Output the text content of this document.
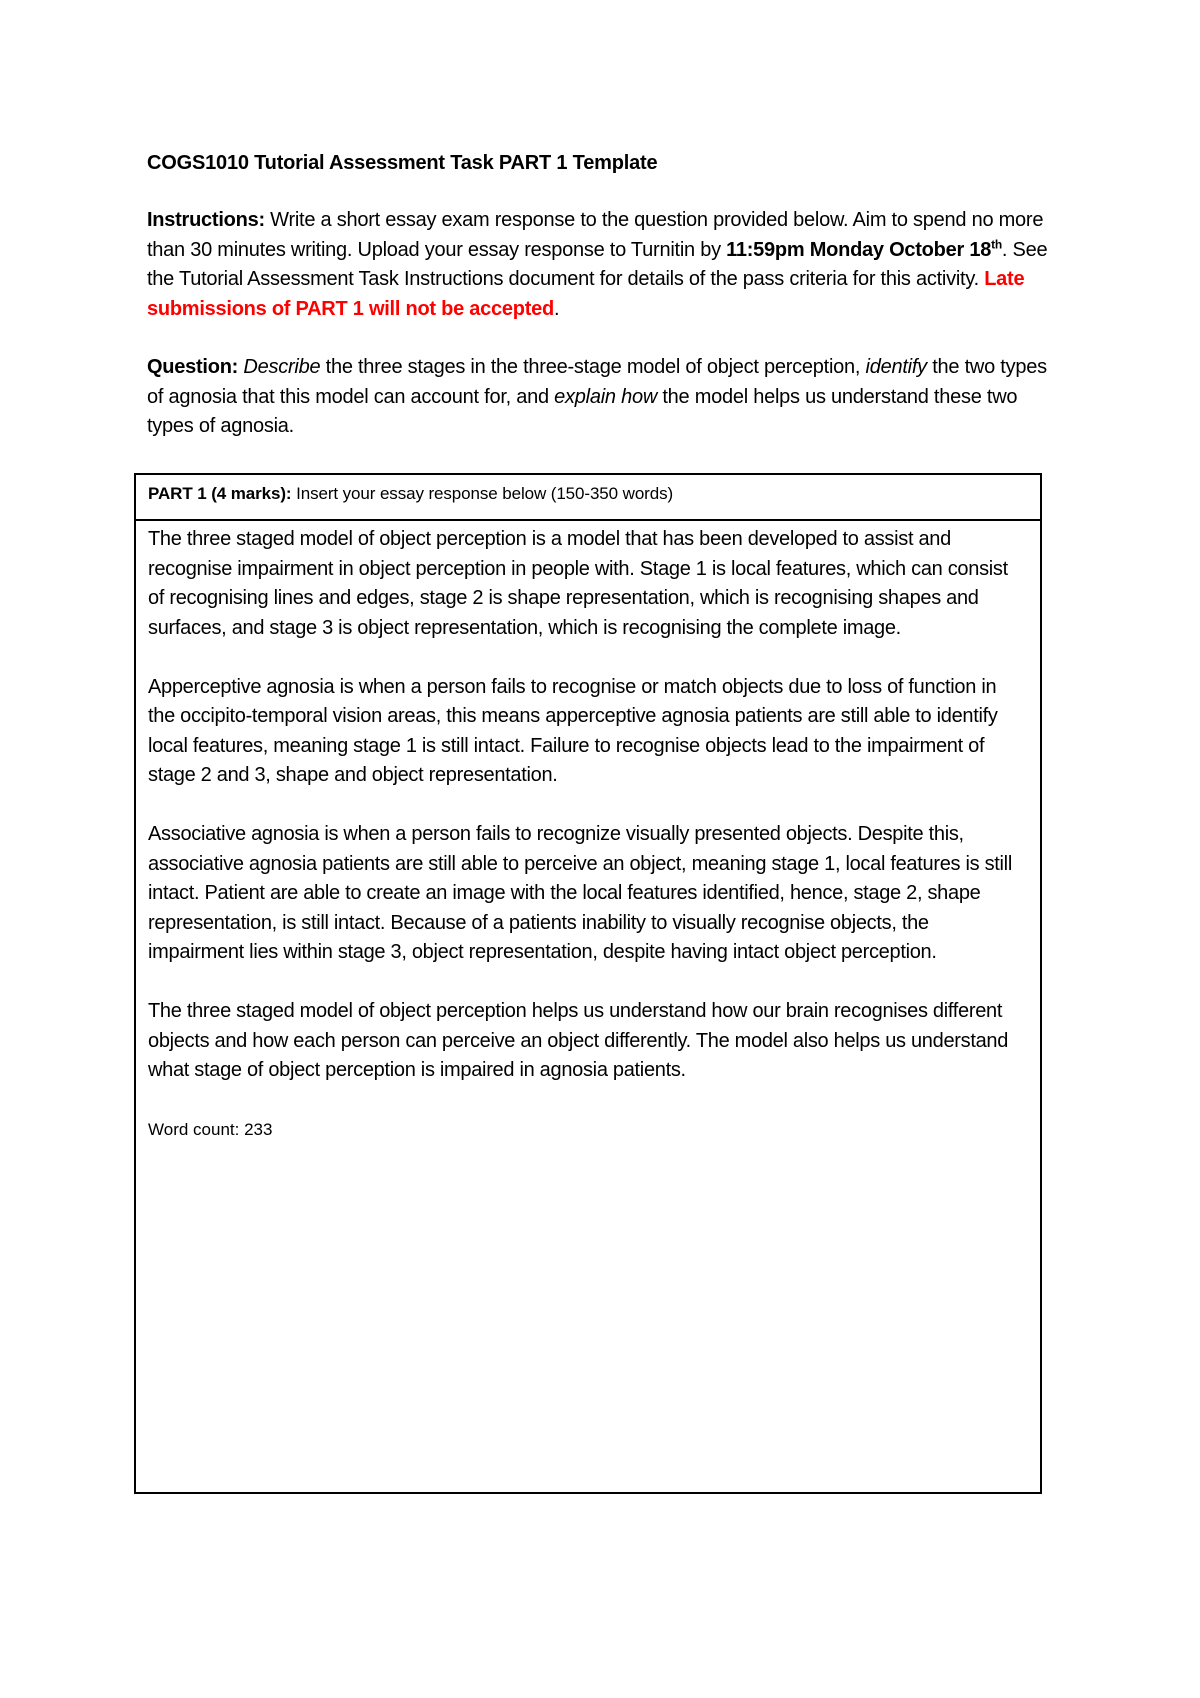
COGS1010 Tutorial Assessment Task PART 1 Template
Instructions: Write a short essay exam response to the question provided below. Aim to spend no more than 30 minutes writing. Upload your essay response to Turnitin by 11:59pm Monday October 18th. See the Tutorial Assessment Task Instructions document for details of the pass criteria for this activity. Late submissions of PART 1 will not be accepted.
Question: Describe the three stages in the three-stage model of object perception, identify the two types of agnosia that this model can account for, and explain how the model helps us understand these two types of agnosia.
PART 1 (4 marks): Insert your essay response below (150-350 words)
The three staged model of object perception is a model that has been developed to assist and recognise impairment in object perception in people with. Stage 1 is local features, which can consist of recognising lines and edges, stage 2 is shape representation, which is recognising shapes and surfaces, and stage 3 is object representation, which is recognising the complete image.
Apperceptive agnosia is when a person fails to recognise or match objects due to loss of function in the occipito-temporal vision areas, this means apperceptive agnosia patients are still able to identify local features, meaning stage 1 is still intact. Failure to recognise objects lead to the impairment of stage 2 and 3, shape and object representation.
Associative agnosia is when a person fails to recognize visually presented objects. Despite this, associative agnosia patients are still able to perceive an object, meaning stage 1, local features is still intact. Patient are able to create an image with the local features identified, hence, stage 2, shape representation, is still intact. Because of a patients inability to visually recognise objects, the impairment lies within stage 3, object representation, despite having intact object perception.
The three staged model of object perception helps us understand how our brain recognises different objects and how each person can perceive an object differently. The model also helps us understand what stage of object perception is impaired in agnosia patients.
Word count: 233
